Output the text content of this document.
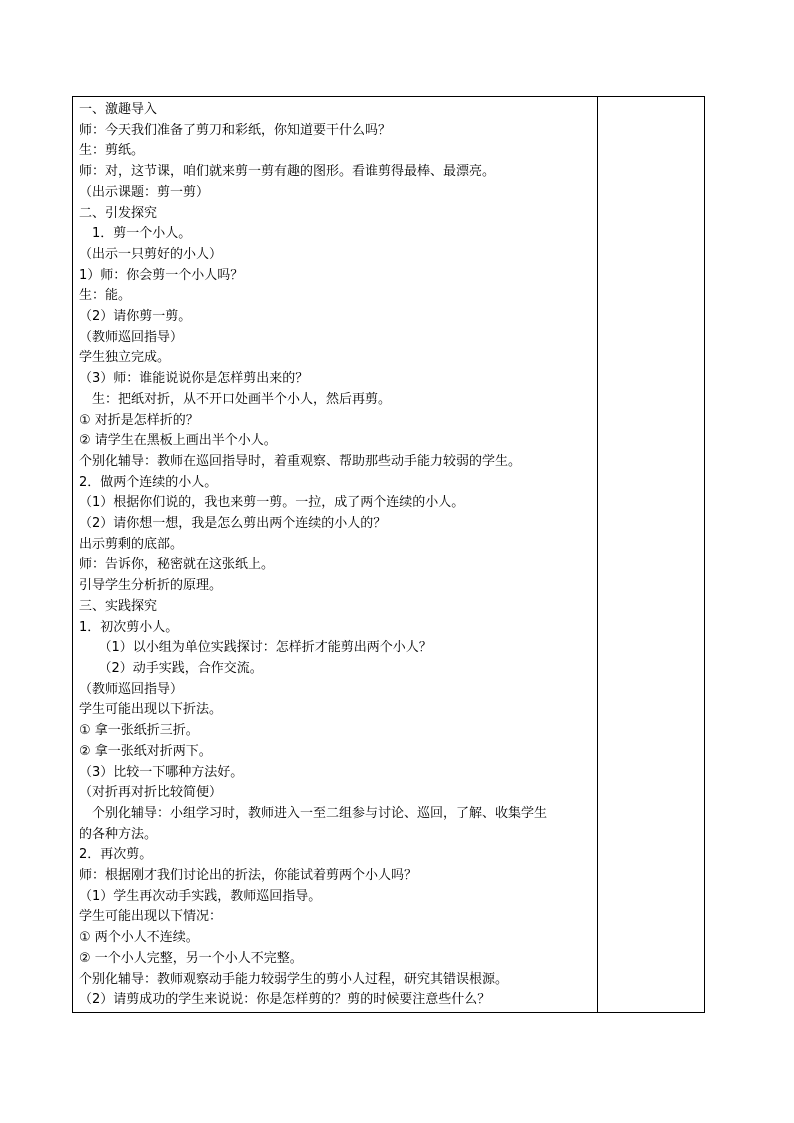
一、激趣导入
师：今天我们准备了剪刀和彩纸，你知道要干什么吗？
生：剪纸。
师：对，这节课，咱们就来剪一剪有趣的图形。看谁剪得最棒、最漂亮。
（出示课题：剪一剪）
二、引发探究
　1．剪一个小人。
（出示一只剪好的小人）
1）师：你会剪一个小人吗？
生：能。
（2）请你剪一剪。
（教师巡回指导）
学生独立完成。
（3）师：谁能说说你是怎样剪出来的？
　生：把纸对折，从不开口处画半个小人，然后再剪。
① 对折是怎样折的？
② 请学生在黑板上画出半个小人。
个别化辅导：教师在巡回指导时，着重观察、帮助那些动手能力较弱的学生。
2．做两个连续的小人。
（1）根据你们说的，我也来剪一剪。一拉，成了两个连续的小人。
（2）请你想一想，我是怎么剪出两个连续的小人的？
出示剪剩的底部。
师：告诉你，秘密就在这张纸上。
引导学生分析折的原理。
三、实践探究
1．初次剪小人。
　　（1）以小组为单位实践探讨：怎样折才能剪出两个小人？
　　（2）动手实践，合作交流。
（教师巡回指导）
学生可能出现以下折法。
① 拿一张纸折三折。
② 拿一张纸对折两下。
（3）比较一下哪种方法好。
（对折再对折比较简便）
　个别化辅导：小组学习时，教师进入一至二组参与讨论、巡回，了解、收集学生
的各种方法。
2．再次剪。
师：根据刚才我们讨论出的折法，你能试着剪两个小人吗？
（1）学生再次动手实践，教师巡回指导。
学生可能出现以下情况：
① 两个小人不连续。
② 一个小人完整，另一个小人不完整。
个别化辅导：教师观察动手能力较弱学生的剪小人过程，研究其错误根源。
（2）请剪成功的学生来说说：你是怎样剪的？剪的时候要注意些什么？
